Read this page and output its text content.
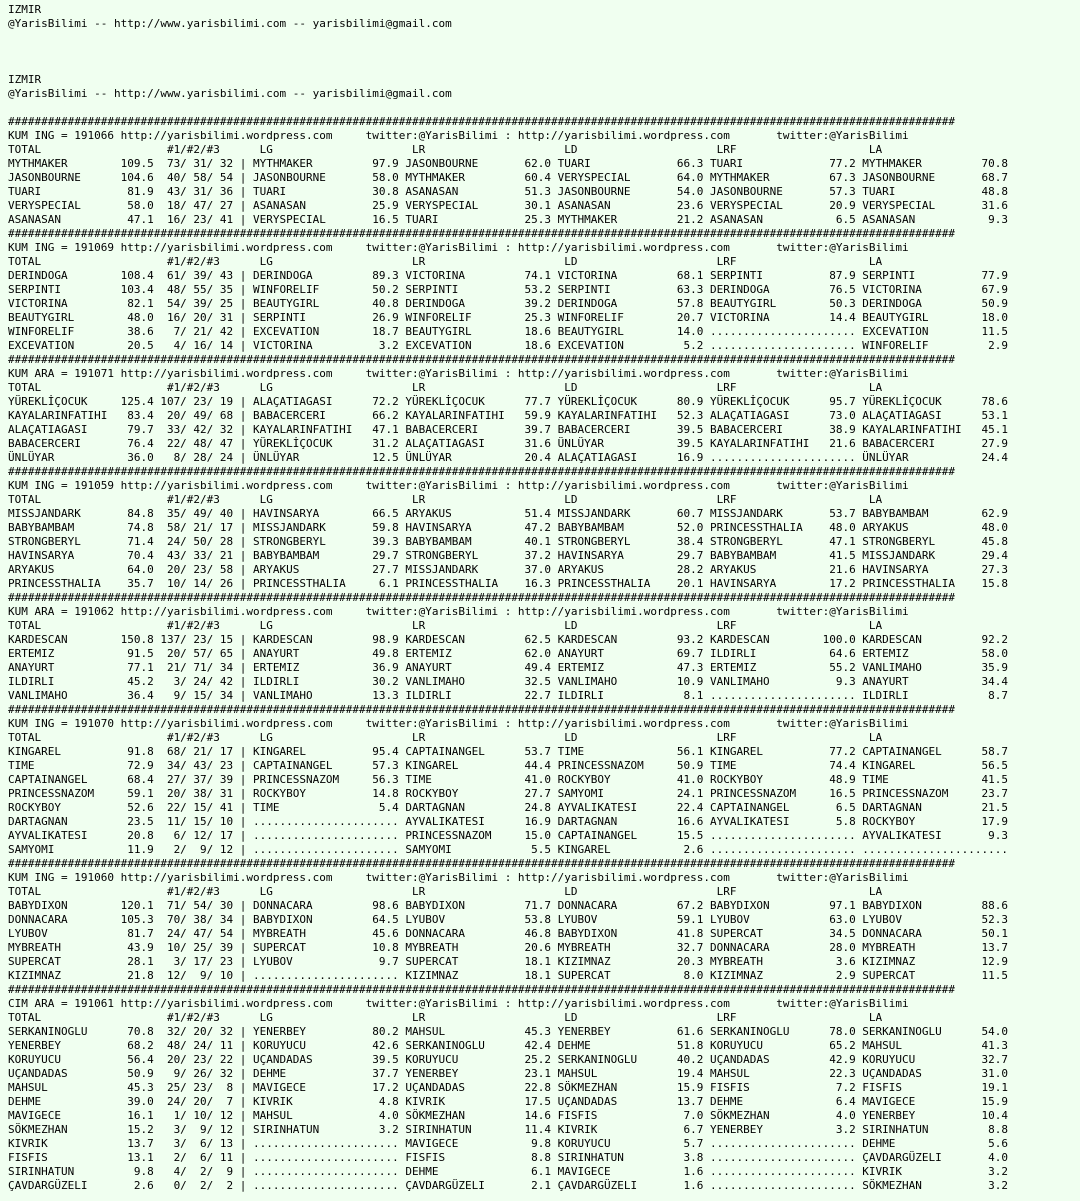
IZMIR
@YarisBilimi -- http://www.yarisbilimi.com -- yarisbilimi@gmail.com

IZMIR
@YarisBilimi -- http://www.yarisbilimi.com -- yarisbilimi@gmail.com

###############################################################################################################################################
KUM ING = 191066 http://yarisbilimi.wordpress.com     twitter:@YarisBilimi : http://yarisbilimi.wordpress.com       twitter:@YarisBilimi
TOTAL                   #1/#2/#3      LG                     LR                     LD                     LRF                    LA
MYTHMAKER        109.5  73/ 31/ 32 | MYTHMAKER         97.9 JASONBOURNE       62.0 TUARI             66.3 TUARI             77.2 MYTHMAKER         70.8
JASONBOURNE      104.6  40/ 58/ 54 | JASONBOURNE       58.0 MYTHMAKER         60.4 VERYSPECIAL       64.0 MYTHMAKER         67.3 JASONBOURNE       68.7
TUARI             81.9  43/ 31/ 36 | TUARI             30.8 ASANASAN          51.3 JASONBOURNE       54.0 JASONBOURNE       57.3 TUARI             48.8
VERYSPECIAL       58.0  18/ 47/ 27 | ASANASAN          25.9 VERYSPECIAL       30.1 ASANASAN          23.6 VERYSPECIAL       20.9 VERYSPECIAL       31.6
ASANASAN          47.1  16/ 23/ 41 | VERYSPECIAL       16.5 TUARI             25.3 MYTHMAKER         21.2 ASANASAN           6.5 ASANASAN           9.3
###############################################################################################################################################
KUM ING = 191069 http://yarisbilimi.wordpress.com     twitter:@YarisBilimi : http://yarisbilimi.wordpress.com       twitter:@YarisBilimi
TOTAL                   #1/#2/#3      LG                     LR                     LD                     LRF                    LA
DERINDOGA        108.4  61/ 39/ 43 | DERINDOGA         89.3 VICTORINA         74.1 VICTORINA         68.1 SERPINTI          87.9 SERPINTI          77.9
SERPINTI         103.4  48/ 55/ 35 | WINFORELIF        50.2 SERPINTI          53.2 SERPINTI          63.3 DERINDOGA         76.5 VICTORINA         67.9
VICTORINA         82.1  54/ 39/ 25 | BEAUTYGIRL        40.8 DERINDOGA         39.2 DERINDOGA         57.8 BEAUTYGIRL        50.3 DERINDOGA         50.9
BEAUTYGIRL        48.0  16/ 20/ 31 | SERPINTI          26.9 WINFORELIF        25.3 WINFORELIF        20.7 VICTORINA         14.4 BEAUTYGIRL        18.0
WINFORELIF        38.6   7/ 21/ 42 | EXCEVATION        18.7 BEAUTYGIRL        18.6 BEAUTYGIRL        14.0 ...................... EXCEVATION        11.5
EXCEVATION        20.5   4/ 16/ 14 | VICTORINA          3.2 EXCEVATION        18.6 EXCEVATION         5.2 ...................... WINFORELIF         2.9
###############################################################################################################################################
KUM ARA = 191071 http://yarisbilimi.wordpress.com     twitter:@YarisBilimi : http://yarisbilimi.wordpress.com       twitter:@YarisBilimi
TOTAL                   #1/#2/#3      LG                     LR                     LD                     LRF                    LA
YÜREKLİÇOCUK     125.4 107/ 23/ 19 | ALAÇATIAGASI      72.2 YÜREKLİÇOCUK      77.7 YÜREKLİÇOCUK      80.9 YÜREKLİÇOCUK      95.7 YÜREKLİÇOCUK      78.6
KAYALARINFATIHI   83.4  20/ 49/ 68 | BABACERCERI       66.2 KAYALARINFATIHI   59.9 KAYALARINFATIHI   52.3 ALAÇATIAGASI      73.0 ALAÇATIAGASI      53.1
ALAÇATIAGASI      79.7  33/ 42/ 32 | KAYALARINFATIHI   47.1 BABACERCERI       39.7 BABACERCERI       39.5 BABACERCERI       38.9 KAYALARINFATIHI   45.1
BABACERCERI       76.4  22/ 48/ 47 | YÜREKLİÇOCUK      31.2 ALAÇATIAGASI      31.6 ÜNLÜYAR           39.5 KAYALARINFATIHI   21.6 BABACERCERI       27.9
ÜNLÜYAR           36.0   8/ 28/ 24 | ÜNLÜYAR           12.5 ÜNLÜYAR           20.4 ALAÇATIAGASI      16.9 ...................... ÜNLÜYAR           24.4
###############################################################################################################################################
KUM ING = 191059 http://yarisbilimi.wordpress.com     twitter:@YarisBilimi : http://yarisbilimi.wordpress.com       twitter:@YarisBilimi
TOTAL                   #1/#2/#3      LG                     LR                     LD                     LRF                    LA
MISSJANDARK       84.8  35/ 49/ 40 | HAVINSARYA        66.5 ARYAKUS           51.4 MISSJANDARK       60.7 MISSJANDARK       53.7 BABYBAMBAM        62.9
BABYBAMBAM        74.8  58/ 21/ 17 | MISSJANDARK       59.8 HAVINSARYA        47.2 BABYBAMBAM        52.0 PRINCESSTHALIA    48.0 ARYAKUS           48.0
STRONGBERYL       71.4  24/ 50/ 28 | STRONGBERYL       39.3 BABYBAMBAM        40.1 STRONGBERYL       38.4 STRONGBERYL       47.1 STRONGBERYL       45.8
HAVINSARYA        70.4  43/ 33/ 21 | BABYBAMBAM        29.7 STRONGBERYL       37.2 HAVINSARYA        29.7 BABYBAMBAM        41.5 MISSJANDARK       29.4
ARYAKUS           64.0  20/ 23/ 58 | ARYAKUS           27.7 MISSJANDARK       37.0 ARYAKUS           28.2 ARYAKUS           21.6 HAVINSARYA        27.3
PRINCESSTHALIA    35.7  10/ 14/ 26 | PRINCESSTHALIA     6.1 PRINCESSTHALIA    16.3 PRINCESSTHALIA    20.1 HAVINSARYA        17.2 PRINCESSTHALIA    15.8
###############################################################################################################################################
KUM ARA = 191062 http://yarisbilimi.wordpress.com     twitter:@YarisBilimi : http://yarisbilimi.wordpress.com       twitter:@YarisBilimi
TOTAL                   #1/#2/#3      LG                     LR                     LD                     LRF                    LA
KARDESCAN        150.8 137/ 23/ 15 | KARDESCAN         98.9 KARDESCAN         62.5 KARDESCAN         93.2 KARDESCAN        100.0 KARDESCAN         92.2
ERTEMIZ           91.5  20/ 57/ 65 | ANAYURT           49.8 ERTEMIZ           62.0 ANAYURT           69.7 ILDIRLI           64.6 ERTEMIZ           58.0
ANAYURT           77.1  21/ 71/ 34 | ERTEMIZ           36.9 ANAYURT           49.4 ERTEMIZ           47.3 ERTEMIZ           55.2 VANLIMAHO         35.9
ILDIRLI           45.2   3/ 24/ 42 | ILDIRLI           30.2 VANLIMAHO         32.5 VANLIMAHO         10.9 VANLIMAHO          9.3 ANAYURT           34.4
VANLIMAHO         36.4   9/ 15/ 34 | VANLIMAHO         13.3 ILDIRLI           22.7 ILDIRLI            8.1 ...................... ILDIRLI            8.7
###############################################################################################################################################
KUM ING = 191070 http://yarisbilimi.wordpress.com     twitter:@YarisBilimi : http://yarisbilimi.wordpress.com       twitter:@YarisBilimi
TOTAL                   #1/#2/#3      LG                     LR                     LD                     LRF                    LA
KINGAREL          91.8  68/ 21/ 17 | KINGAREL          95.4 CAPTAINANGEL      53.7 TIME              56.1 KINGAREL          77.2 CAPTAINANGEL      58.7
TIME              72.9  34/ 43/ 23 | CAPTAINANGEL      57.3 KINGAREL          44.4 PRINCESSNAZOM     50.9 TIME              74.4 KINGAREL          56.5
CAPTAINANGEL      68.4  27/ 37/ 39 | PRINCESSNAZOM     56.3 TIME              41.0 ROCKYBOY          41.0 ROCKYBOY          48.9 TIME              41.5
PRINCESSNAZOM     59.1  20/ 38/ 31 | ROCKYBOY          14.8 ROCKYBOY          27.7 SAMYOMI           24.1 PRINCESSNAZOM     16.5 PRINCESSNAZOM     23.7
ROCKYBOY          52.6  22/ 15/ 41 | TIME               5.4 DARTAGNAN         24.8 AYVALIKATESI      22.4 CAPTAINANGEL       6.5 DARTAGNAN         21.5
DARTAGNAN         23.5  11/ 15/ 10 | ...................... AYVALIKATESI      16.9 DARTAGNAN         16.6 AYVALIKATESI       5.8 ROCKYBOY          17.9
AYVALIKATESI      20.8   6/ 12/ 17 | ...................... PRINCESSNAZOM     15.0 CAPTAINANGEL      15.5 ...................... AYVALIKATESI       9.3
SAMYOMI           11.9   2/  9/ 12 | ...................... SAMYOMI            5.5 KINGAREL           2.6 ...................... ......................
###############################################################################################################################################
KUM ING = 191060 http://yarisbilimi.wordpress.com     twitter:@YarisBilimi : http://yarisbilimi.wordpress.com       twitter:@YarisBilimi
TOTAL                   #1/#2/#3      LG                     LR                     LD                     LRF                    LA
BABYDIXON        120.1  71/ 54/ 30 | DONNACARA         98.6 BABYDIXON         71.7 DONNACARA         67.2 BABYDIXON         97.1 BABYDIXON         88.6
DONNACARA        105.3  70/ 38/ 34 | BABYDIXON         64.5 LYUBOV            53.8 LYUBOV            59.1 LYUBOV            63.0 LYUBOV            52.3
LYUBOV            81.7  24/ 47/ 54 | MYBREATH          45.6 DONNACARA         46.8 BABYDIXON         41.8 SUPERCAT          34.5 DONNACARA         50.1
MYBREATH          43.9  10/ 25/ 39 | SUPERCAT          10.8 MYBREATH          20.6 MYBREATH          32.7 DONNACARA         28.0 MYBREATH          13.7
SUPERCAT          28.1   3/ 17/ 23 | LYUBOV             9.7 SUPERCAT          18.1 KIZIMNAZ          20.3 MYBREATH           3.6 KIZIMNAZ          12.9
KIZIMNAZ          21.8  12/  9/ 10 | ...................... KIZIMNAZ          18.1 SUPERCAT           8.0 KIZIMNAZ           2.9 SUPERCAT          11.5
###############################################################################################################################################
CIM ARA = 191061 http://yarisbilimi.wordpress.com     twitter:@YarisBilimi : http://yarisbilimi.wordpress.com       twitter:@YarisBilimi
TOTAL                   #1/#2/#3      LG                     LR                     LD                     LRF                    LA
SERKANINOGLU      70.8  32/ 20/ 32 | YENERBEY          80.2 MAHSUL            45.3 YENERBEY          61.6 SERKANINOGLU      78.0 SERKANINOGLU      54.0
YENERBEY          68.2  48/ 24/ 11 | KORUYUCU          42.6 SERKANINOGLU      42.4 DEHME             51.8 KORUYUCU          65.2 MAHSUL            41.3
KORUYUCU          56.4  20/ 23/ 22 | UÇANDADAS         39.5 KORUYUCU          25.2 SERKANINOGLU      40.2 UÇANDADAS         42.9 KORUYUCU          32.7
UÇANDADAS         50.9   9/ 26/ 32 | DEHME             37.7 YENERBEY          23.1 MAHSUL            19.4 MAHSUL            22.3 UÇANDADAS         31.0
MAHSUL            45.3  25/ 23/  8 | MAVIGECE          17.2 UÇANDADAS         22.8 SÖKMEZHAN         15.9 FISFIS             7.2 FISFIS            19.1
DEHME             39.0  24/ 20/  7 | KIVRIK             4.8 KIVRIK            17.5 UÇANDADAS         13.7 DEHME              6.4 MAVIGECE          15.9
MAVIGECE          16.1   1/ 10/ 12 | MAHSUL             4.0 SÖKMEZHAN         14.6 FISFIS             7.0 SÖKMEZHAN          4.0 YENERBEY          10.4
SÖKMEZHAN         15.2   3/  9/ 12 | SIRINHATUN         3.2 SIRINHATUN        11.4 KIVRIK             6.7 YENERBEY           3.2 SIRINHATUN         8.8
KIVRIK            13.7   3/  6/ 13 | ...................... MAVIGECE           9.8 KORUYUCU           5.7 ...................... DEHME              5.6
FISFIS            13.1   2/  6/ 11 | ...................... FISFIS             8.8 SIRINHATUN         3.8 ...................... ÇAVDARGÜZELI       4.0
SIRINHATUN         9.8   4/  2/  9 | ...................... DEHME              6.1 MAVIGECE           1.6 ...................... KIVRIK             3.2
ÇAVDARGÜZELI       2.6   0/  2/  2 | ...................... ÇAVDARGÜZELI       2.1 ÇAVDARGÜZELI       1.6 ...................... SÖKMEZHAN          3.2
